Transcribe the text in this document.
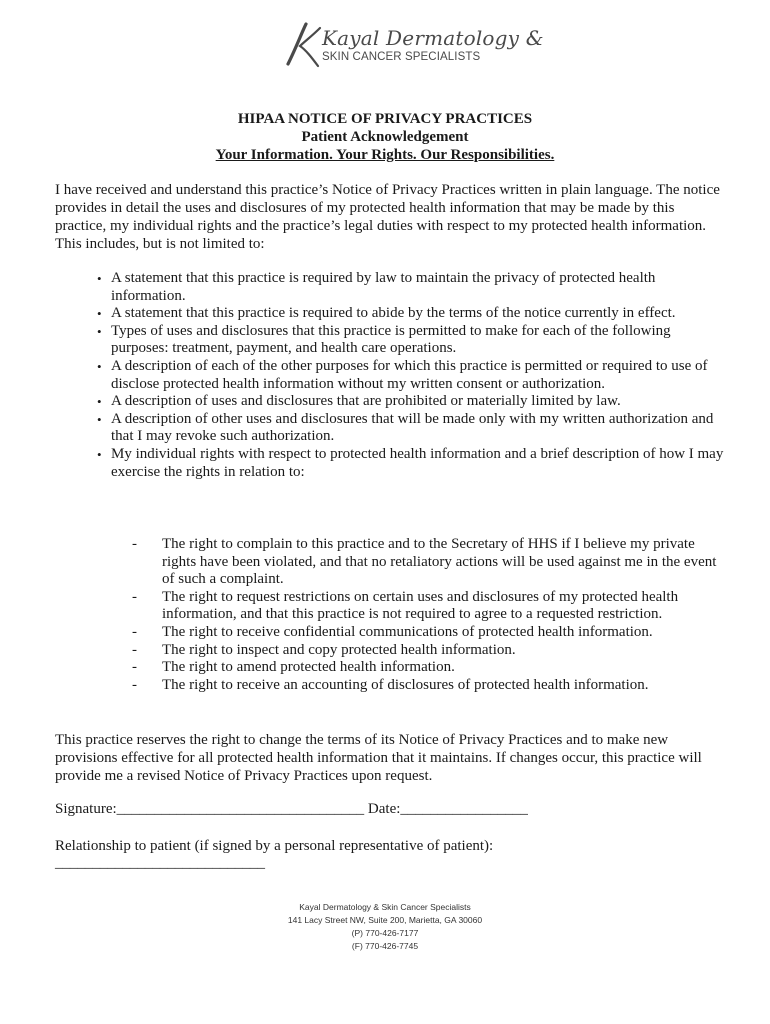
Kayal Dermatology &
SKIN CANCER SPECIALISTS
HIPAA NOTICE OF PRIVACY PRACTICES
Patient Acknowledgement
Your Information. Your Rights. Our Responsibilities.

I have received and understand this practice’s Notice of Privacy Practices written in plain language. The notice provides in detail the uses and disclosures of my protected health information that may be made by this practice, my individual rights and the practice’s legal duties with respect to my protected health information. This includes, but is not limited to:

• A statement that this practice is required by law to maintain the privacy of protected health information.
• A statement that this practice is required to abide by the terms of the notice currently in effect.
• Types of uses and disclosures that this practice is permitted to make for each of the following purposes: treatment, payment, and health care operations.
• A description of each of the other purposes for which this practice is permitted or required to use of disclose protected health information without my written consent or authorization.
• A description of uses and disclosures that are prohibited or materially limited by law.
• A description of other uses and disclosures that will be made only with my written authorization and that I may revoke such authorization.
• My individual rights with respect to protected health information and a brief description of how I may exercise the rights in relation to:
- The right to complain to this practice and to the Secretary of HHS if I believe my private rights have been violated, and that no retaliatory actions will be used against me in the event of such a complaint.
- The right to request restrictions on certain uses and disclosures of my protected health information, and that this practice is not required to agree to a requested restriction.
- The right to receive confidential communications of protected health information.
- The right to inspect and copy protected health information.
- The right to amend protected health information.
- The right to receive an accounting of disclosures of protected health information.

This practice reserves the right to change the terms of its Notice of Privacy Practices and to make new provisions effective for all protected health information that it maintains. If changes occur, this practice will provide me a revised Notice of Privacy Practices upon request.

Signature:_________________________________ Date:_________________
Relationship to patient (if signed by a personal representative of patient):
____________________________
Kayal Dermatology & Skin Cancer Specialists
141 Lacy Street NW, Suite 200, Marietta, GA 30060
(P) 770-426-7177
(F) 770-426-7745
